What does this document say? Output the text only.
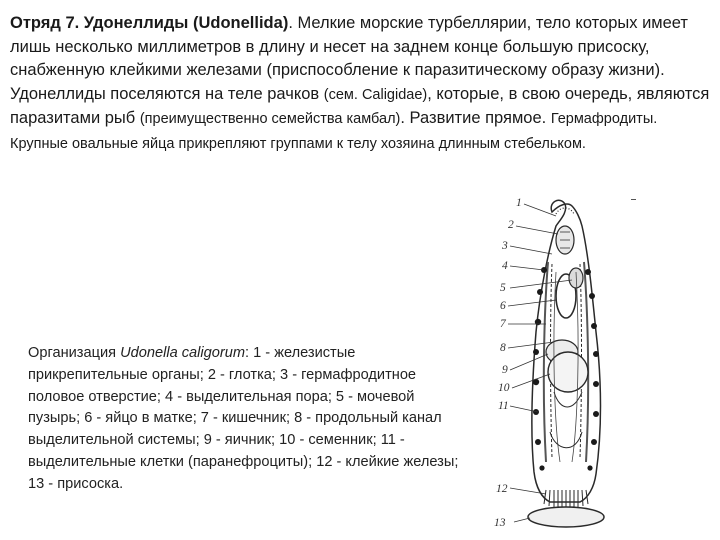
Отряд 7. Удонеллиды (Udonellida). Мелкие морские турбеллярии, тело которых имеет лишь несколько миллиметров в длину и несет на заднем конце большую присоску, снабженную клейкими железами (приспособление к паразитическому образу жизни). Удонеллиды поселяются на теле рачков (сем. Caligidae), которые, в свою очередь, являются паразитами рыб (преимущественно семейства камбал). Развитие прямое. Гермафродиты. Крупные овальные яйца прикрепляют группами к телу хозяина длинным стебельком.

Организация Udonella caligorum: 1 - железистые прикрепительные органы; 2 - глотка; 3 - гермафродитное половое отверстие; 4 - выделительная пора; 5 - мочевой пузырь; 6 - яйцо в матке; 7 - кишечник; 8 - продольный канал выделительной системы; 9 - яичник; 10 - семенник; 11 - выделительные клетки (паранефроциты); 12 - клейкие железы; 13 - присоска.

1
2
3
4
5
6
7
8
9
10
11
12
13
